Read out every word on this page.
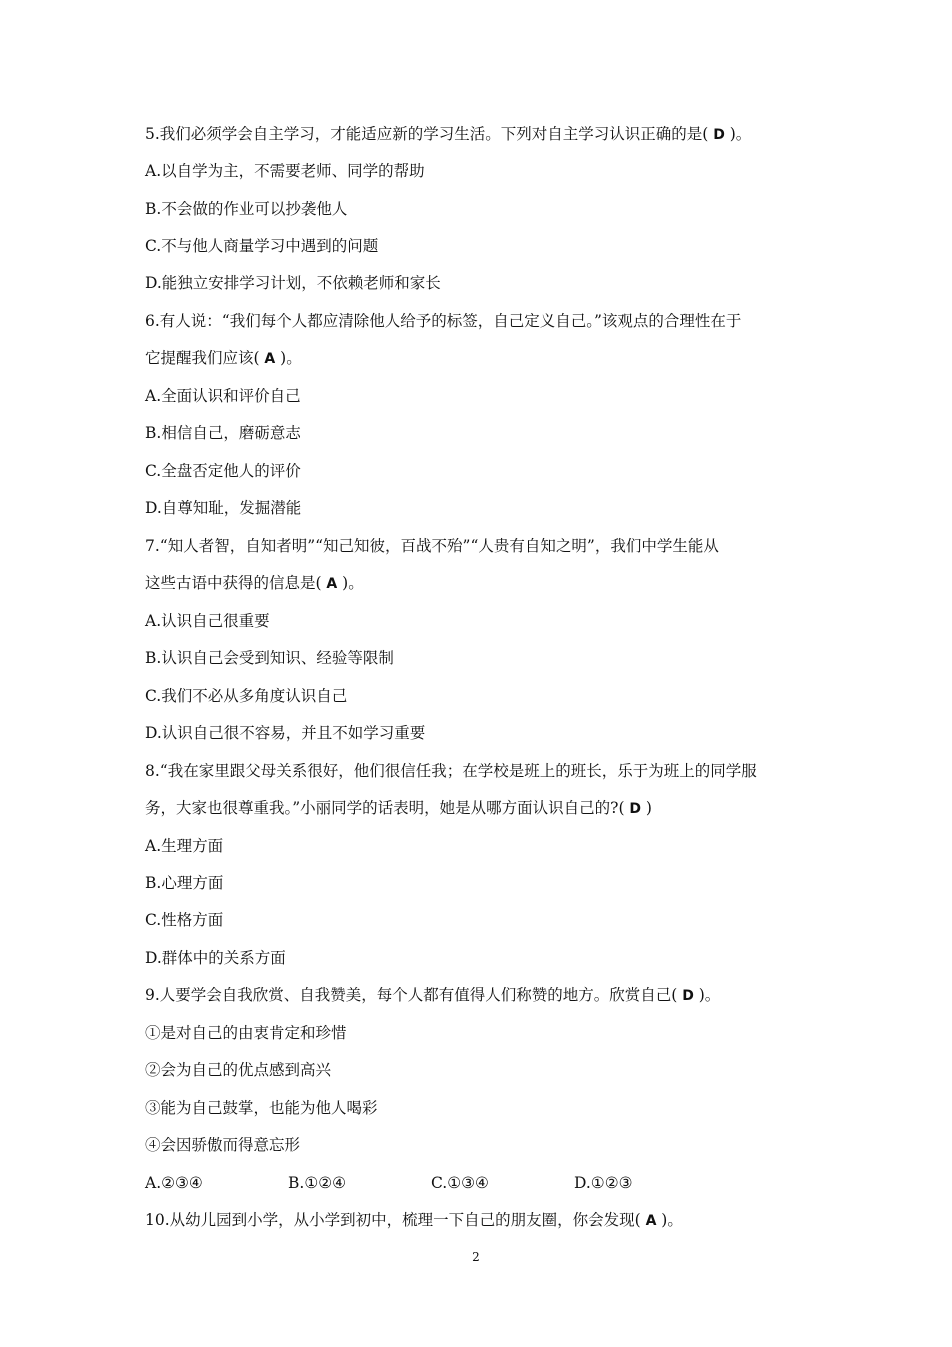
5.我们必须学会自主学习，才能适应新的学习生活。下列对自主学习认识正确的是( D )。
A.以自学为主，不需要老师、同学的帮助
B.不会做的作业可以抄袭他人
C.不与他人商量学习中遇到的问题
D.能独立安排学习计划，不依赖老师和家长
6.有人说：“我们每个人都应清除他人给予的标签，自己定义自己。”该观点的合理性在于
它提醒我们应该( A )。
A.全面认识和评价自己
B.相信自己，磨砺意志
C.全盘否定他人的评价
D.自尊知耻，发掘潜能
7.“知人者智，自知者明”“知己知彼，百战不殆”“人贵有自知之明”，我们中学生能从
这些古语中获得的信息是( A )。
A.认识自己很重要
B.认识自己会受到知识、经验等限制
C.我们不必从多角度认识自己
D.认识自己很不容易，并且不如学习重要
8.“我在家里跟父母关系很好，他们很信任我；在学校是班上的班长，乐于为班上的同学服
务，大家也很尊重我。”小丽同学的话表明，她是从哪方面认识自己的?( D )
A.生理方面
B.心理方面
C.性格方面
D.群体中的关系方面
9.人要学会自我欣赏、自我赞美，每个人都有值得人们称赞的地方。欣赏自己( D )。
①是对自己的由衷肯定和珍惜
②会为自己的优点感到高兴
③能为自己鼓掌，也能为他人喝彩
④会因骄傲而得意忘形
A.②③④	B.①②④	C.①③④	D.①②③
10.从幼儿园到小学，从小学到初中，梳理一下自己的朋友圈，你会发现( A )。
2
